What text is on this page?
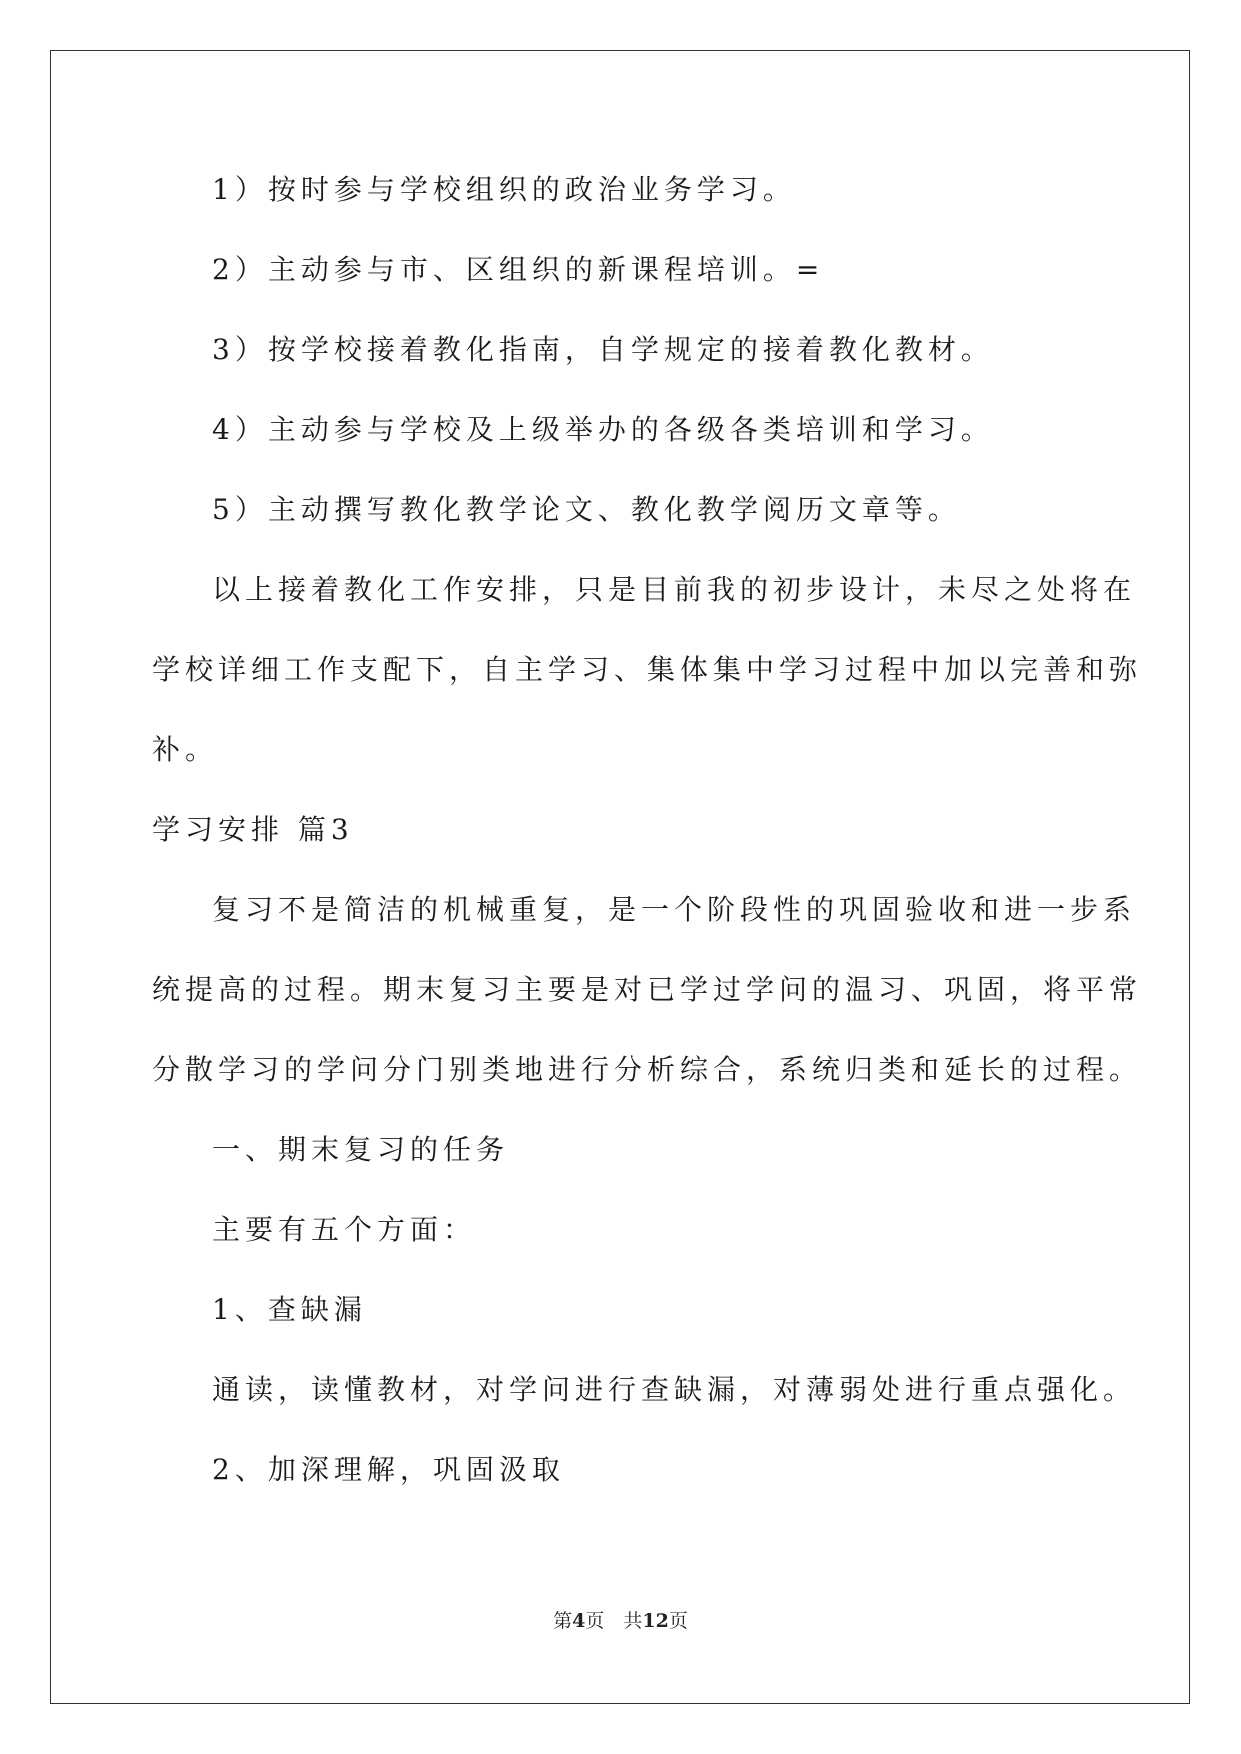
1）按时参与学校组织的政治业务学习。
2）主动参与市、区组织的新课程培训。=
3）按学校接着教化指南，自学规定的接着教化教材。
4）主动参与学校及上级举办的各级各类培训和学习。
5）主动撰写教化教学论文、教化教学阅历文章等。
以上接着教化工作安排，只是目前我的初步设计，未尽之处将在
学校详细工作支配下，自主学习、集体集中学习过程中加以完善和弥
补。
学习安排 篇3
复习不是简洁的机械重复，是一个阶段性的巩固验收和进一步系
统提高的过程。期末复习主要是对已学过学问的温习、巩固，将平常
分散学习的学问分门别类地进行分析综合，系统归类和延长的过程。
一、期末复习的任务
主要有五个方面：
1、查缺漏
通读，读懂教材，对学问进行查缺漏，对薄弱处进行重点强化。
2、加深理解，巩固汲取
第4页　共12页
